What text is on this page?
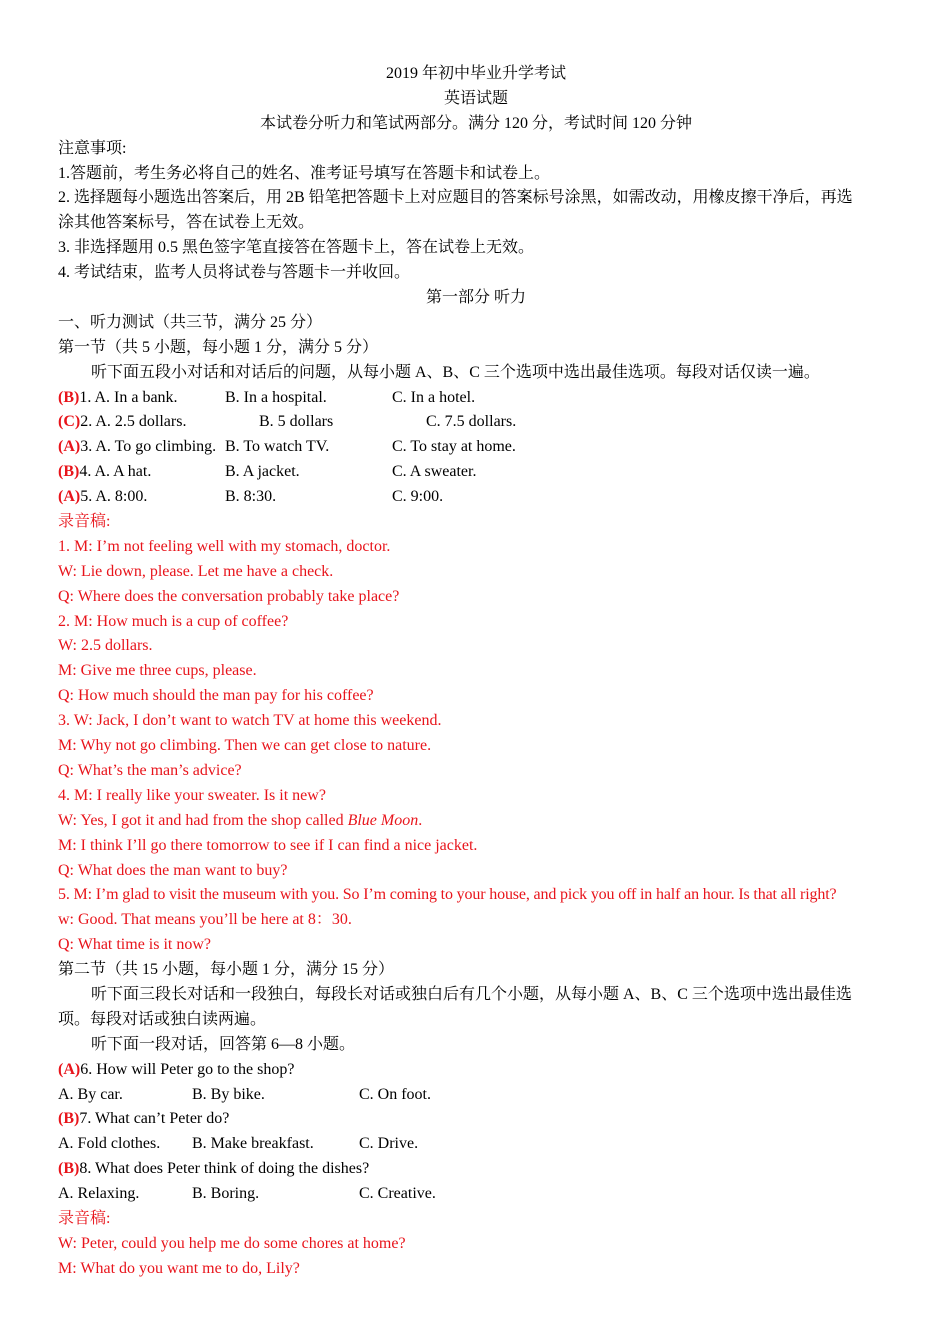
2019 年初中毕业升学考试
英语试题
本试卷分听力和笔试两部分。满分 120 分，考试时间 120 分钟
注意事项:
1.答题前，考生务必将自己的姓名、准考证号填写在答题卡和试卷上。
2. 选择题每小题选出答案后，用 2B 铅笔把答题卡上对应题目的答案标号涂黑，如需改动，用橡皮擦干净后，再选
涂其他答案标号，答在试卷上无效。
3. 非选择题用 0.5 黑色签字笔直接答在答题卡上，答在试卷上无效。
4. 考试结束，监考人员将试卷与答题卡一并收回。
第一部分 听力
一、听力测试（共三节，满分 25 分）
第一节（共 5 小题，每小题 1 分，满分 5 分）
听下面五段小对话和对话后的问题，从每小题 A、B、C 三个选项中选出最佳选项。每段对话仅读一遍。
(B)1. A. In a bank.	B. In a hospital.	C. In a hotel.
(C)2. A. 2.5 dollars.	B. 5 dollars	C. 7.5 dollars.
(A)3. A. To go climbing. B. To watch TV.	C. To stay at home.
(B)4. A. A hat.	B. A jacket.	C. A sweater.
(A)5. A. 8:00.	B. 8:30.	C. 9:00.
录音稿:
1. M: I’m not feeling well with my stomach, doctor.
W: Lie down, please. Let me have a check.
Q: Where does the conversation probably take place?
2. M: How much is a cup of coffee?
W: 2.5 dollars.
M: Give me three cups, please.
Q: How much should the man pay for his coffee?
3. W: Jack, I don’t want to watch TV at home this weekend.
M: Why not go climbing. Then we can get close to nature.
Q: What’s the man’s advice?
4. M: I really like your sweater. Is it new?
W: Yes, I got it and had from the shop called Blue Moon.
M: I think I’ll go there tomorrow to see if I can find a nice jacket.
Q: What does the man want to buy?
5. M: I’m glad to visit the museum with you. So I’m coming to your house, and pick you off in half an hour. Is that all right?
w: Good. That means you’ll be here at 8：30.
Q: What time is it now?
第二节（共 15 小题，每小题 1 分，满分 15 分）
听下面三段长对话和一段独白，每段长对话或独白后有几个小题，从每小题 A、B、C 三个选项中选出最佳选
项。每段对话或独白读两遍。
听下面一段对话，回答第 6—8 小题。
(A)6. How will Peter go to the shop?
A. By car.	B. By bike.	C. On foot.
(B)7. What can’t Peter do?
A. Fold clothes. B. Make breakfast.	C. Drive.
(B)8. What does Peter think of doing the dishes?
A. Relaxing.	B. Boring.	C. Creative.
录音稿:
W: Peter, could you help me do some chores at home?
M: What do you want me to do, Lily?
